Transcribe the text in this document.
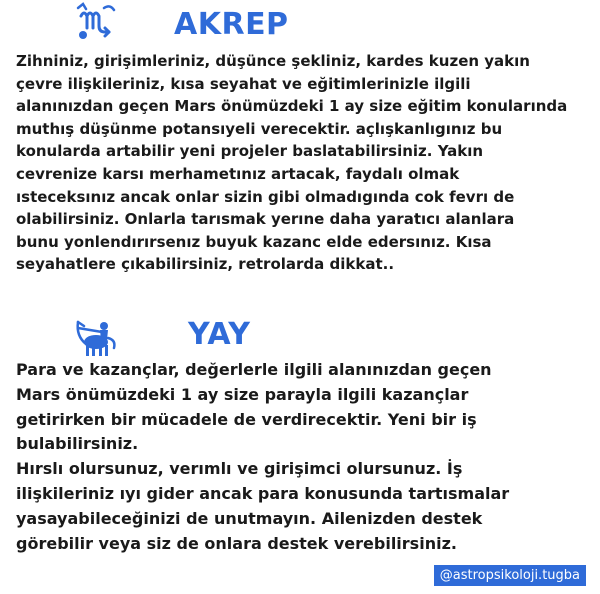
AKREP
Zihniniz, girişimleriniz, düşünce şekliniz, kardes kuzen yakın
çevre ilişkileriniz, kısa seyahat ve eğitimlerinizle ilgili
alanınızdan geçen Mars önümüzdeki 1 ay size eğitim konularında
muthış düşünme potansıyeli verecektir. açlışkanlıgınız bu
konularda artabilir yeni projeler baslatabilirsiniz. Yakın
cevrenize karsı merhametınız artacak, faydalı olmak
ısteceksınız ancak onlar sizin gibi olmadıgında cok fevrı de
olabilirsiniz. Onlarla tarısmak yerıne daha yaratıcı alanlara
bunu yonlendırırsenız buyuk kazanc elde edersınız. Kısa
seyahatlere çıkabilirsiniz, retrolarda dikkat..
YAY
Para ve kazançlar, değerlerle ilgili alanınızdan geçen
Mars önümüzdeki 1 ay size parayla ilgili kazançlar
getirirken bir mücadele de verdirecektir. Yeni bir iş
bulabilirsiniz.
Hırslı olursunuz, verımlı ve girişimci olursunuz. İş
ilişkileriniz ıyı gider ancak para konusunda tartısmalar
yasayabileceğinizi de unutmayın. Ailenizden destek
görebilir veya siz de onlara destek verebilirsiniz.
@astropsikoloji.tugba
